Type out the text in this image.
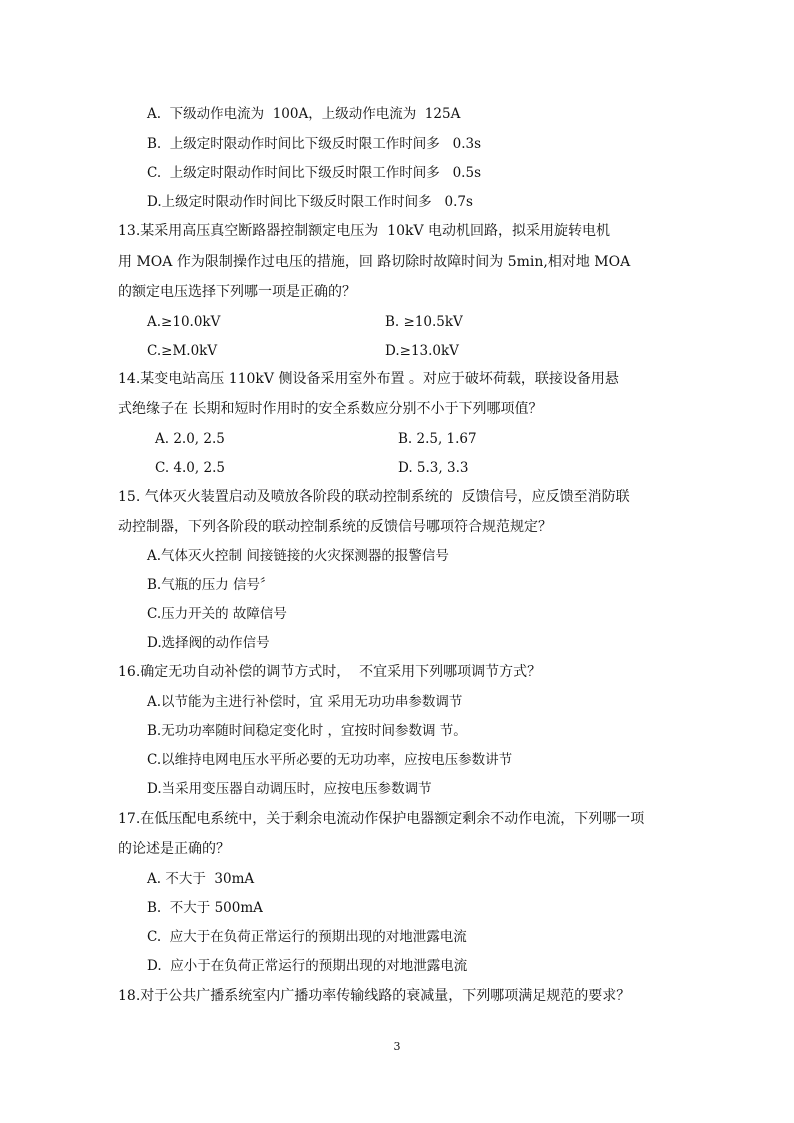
A.  下级动作电流为  100A，上级动作电流为  125A
B.  上级定时限动作时间比下级反时限工作时间多   0.3s
C.  上级定时限动作时间比下级反时限工作时间多   0.5s
D.上级定时限动作时间比下级反时限工作时间多   0.7s
13.某采用高压真空断路器控制额定电压为  10kV 电动机回路，拟采用旋转电机
用 MOA 作为限制操作过电压的措施，回 路切除时故障时间为 5min,相对地 MOA
的额定电压选择下列哪一项是正确的？
A.≥10.0kV	B. ≥10.5kV
C.≥M.0kV	D.≥13.0kV
14.某变电站高压 110kV 侧设备采用室外布置 。对应于破坏荷载，联接设备用悬
式绝缘子在 长期和短时作用时的安全系数应分别不小于下列哪项值？
A. 2.0, 2.5	B. 2.5, 1.67
C. 4.0, 2.5	D. 5.3, 3.3
15. 气体灭火装置启动及喷放各阶段的联动控制系统的  反馈信号，应反馈至消防联
动控制器，下列各阶段的联动控制系统的反馈信号哪项符合规范规定？
A.气体灭火控制 间接链接的火灾探测器的报警信号
B.气瓶的压力 信号〞
C.压力开关的 故障信号
D.选择阀的动作信号
16.确定无功自动补偿的调节方式时，  不宜采用下列哪项调节方式？
A.以节能为主进行补偿时，宜 采用无功功串参数调节
B.无功功率随时间稳定变化时 ，宜按时间参数调 节。
C.以维持电网电压水平所必要的无功功率，应按电压参数讲节
D.当采用变压器自动调压时，应按电压参数调节
17.在低压配电系统中，关于剩余电流动作保护电器额定剩余不动作电流，下列哪一项
的论述是正确的？
A. 不大于  30mA
B.  不大于 500mA
C.  应大于在负荷正常运行的预期出现的对地泄露电流
D.  应小于在负荷正常运行的预期出现的对地泄露电流
18.对于公共广播系统室内广播功率传输线路的衰减量，下列哪项满足规范的要求？
3
